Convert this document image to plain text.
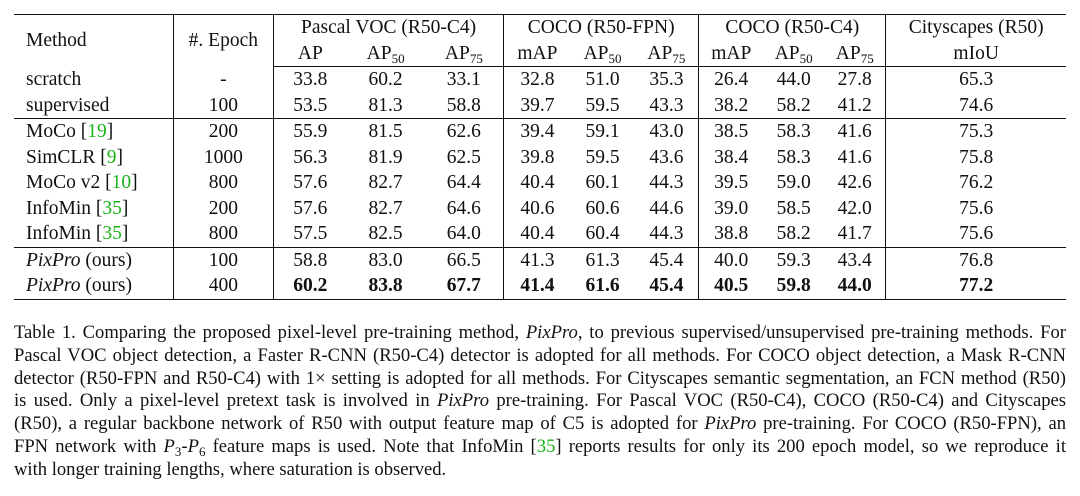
Method	#. Epoch	Pascal VOC (R50-C4)			COCO (R50-FPN)			COCO (R50-C4)			Cityscapes (R50)
		AP	$AP_{50}$	$AP_{75}$	mAP	$AP_{50}$	$AP_{75}$	mAP	$AP_{50}$	$AP_{75}$	mIoU
scratch	-	33.8	60.2	33.1	32.8	51.0	35.3	26.4	44.0	27.8	65.3
supervised	100	53.5	81.3	58.8	39.7	59.5	43.3	38.2	58.2	41.2	74.6
MoCo [19]	200	55.9	81.5	62.6	39.4	59.1	43.0	38.5	58.3	41.6	75.3
SimCLR [9]	1000	56.3	81.9	62.5	39.8	59.5	43.6	38.4	58.3	41.6	75.8
MoCo v2 [10]	800	57.6	82.7	64.4	40.4	60.1	44.3	39.5	59.0	42.6	76.2
InfoMin [35]	200	57.6	82.7	64.6	40.6	60.6	44.6	39.0	58.5	42.0	75.6
InfoMin [35]	800	57.5	82.5	64.0	40.4	60.4	44.3	38.8	58.2	41.7	75.6
PixPro (ours)	100	58.8	83.0	66.5	41.3	61.3	45.4	40.0	59.3	43.4	76.8
PixPro (ours)	400	60.2	83.8	67.7	41.4	61.6	45.4	40.5	59.8	44.0	77.2
Table 1. Comparing the proposed pixel-level pre-training method, PixPro, to previous supervised/unsupervised pre-training methods. For
Pascal VOC object detection, a Faster R-CNN (R50-C4) detector is adopted for all methods. For COCO object detection, a Mask R-CNN
detector (R50-FPN and R50-C4) with 1× setting is adopted for all methods. For Cityscapes semantic segmentation, an FCN method (R50)
is used. Only a pixel-level pretext task is involved in PixPro pre-training. For Pascal VOC (R50-C4), COCO (R50-C4) and Cityscapes
(R50), a regular backbone network of R50 with output feature map of C5 is adopted for PixPro pre-training. For COCO (R50-FPN), an
FPN network with $P_3-P_6$ feature maps is used. Note that InfoMin [35] reports results for only its 200 epoch model, so we reproduce it
with longer training lengths, where saturation is observed.
